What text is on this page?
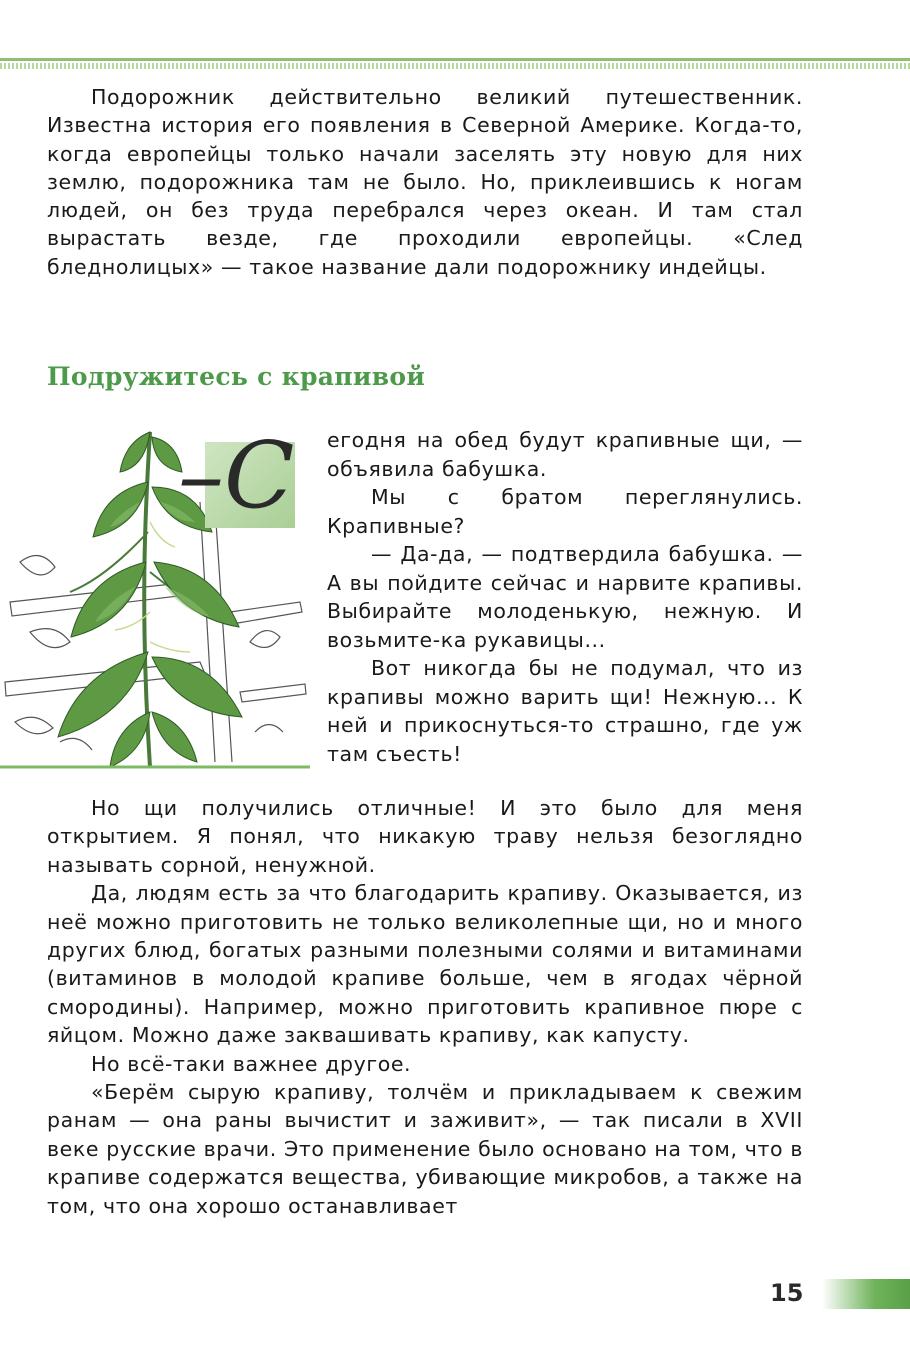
Подорожник действительно великий путешественник. Известна история его появления в Северной Америке. Когда-то, когда европейцы только начали заселять эту новую для них землю, подорожника там не было. Но, приклеившись к ногам людей, он без труда перебрался через океан. И там стал вырастать везде, где проходили европейцы. «След бледнолицых» — такое название дали подорожнику индейцы.

Подружитесь с крапивой
–С егодня на обед будут крапивные щи, — объявила бабушка.

Мы с братом переглянулись. Крапивные?

— Да-да, — подтвердила бабушка. — А вы пойдите сейчас и нарвите крапивы. Выбирайте молоденькую, нежную. И возьмите-ка рукавицы...

Вот никогда бы не подумал, что из крапивы можно варить щи! Нежную... К ней и прикоснуться-то страшно, где уж там съесть!

Но щи получились отличные! И это было для меня открытием. Я понял, что никакую траву нельзя безоглядно называть сорной, ненужной.

Да, людям есть за что благодарить крапиву. Оказывается, из неё можно приготовить не только великолепные щи, но и много других блюд, богатых разными полезными солями и витаминами (витаминов в молодой крапиве больше, чем в ягодах чёрной смородины). Например, можно приготовить крапивное пюре с яйцом. Можно даже заквашивать крапиву, как капусту.

Но всё-таки важнее другое.

«Берём сырую крапиву, толчём и прикладываем к свежим ранам — она раны вычистит и заживит», — так писали в XVII веке русские врачи. Это применение было основано на том, что в крапиве содержатся вещества, убивающие микробов, а также на том, что она хорошо останавливает

15
